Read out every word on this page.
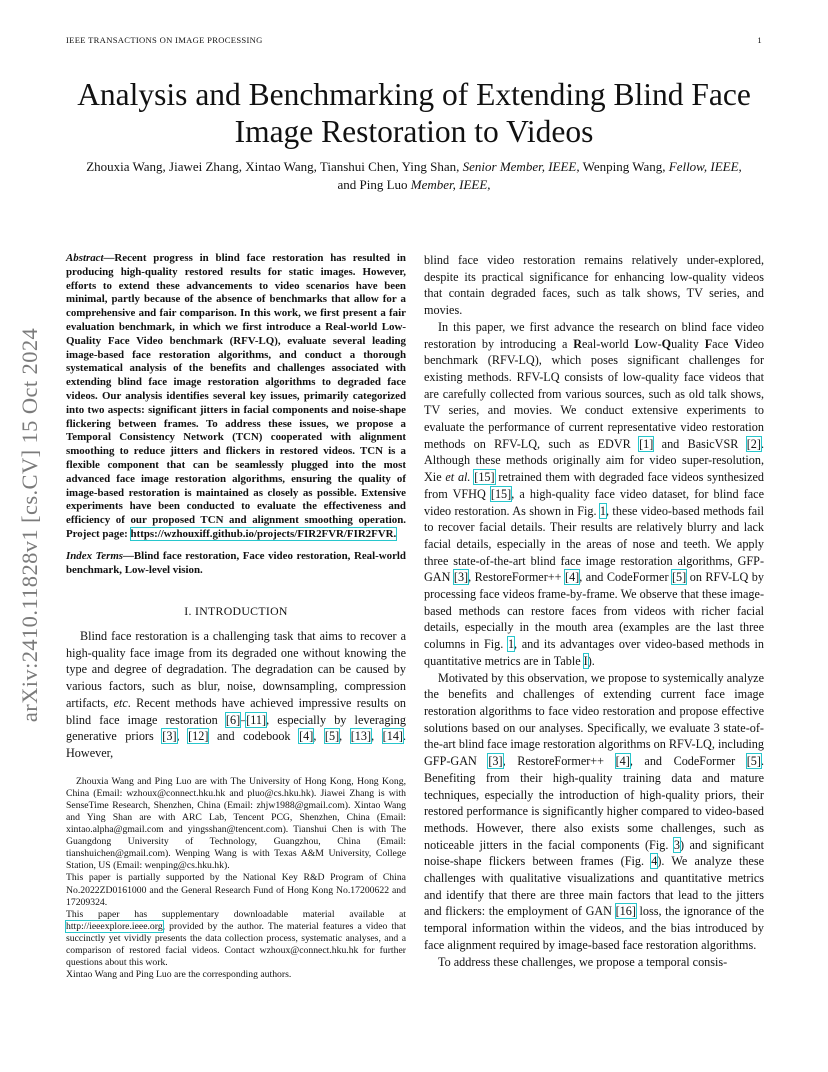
IEEE TRANSACTIONS ON IMAGE PROCESSING	1
arXiv:2410.11828v1 [cs.CV] 15 Oct 2024
Analysis and Benchmarking of Extending Blind Face Image Restoration to Videos
Zhouxia Wang, Jiawei Zhang, Xintao Wang, Tianshui Chen, Ying Shan, Senior Member, IEEE, Wenping Wang, Fellow, IEEE, and Ping Luo Member, IEEE,

Abstract—Recent progress in blind face restoration has resulted in producing high-quality restored results for static images. However, efforts to extend these advancements to video scenarios have been minimal, partly because of the absence of benchmarks that allow for a comprehensive and fair comparison. In this work, we first present a fair evaluation benchmark, in which we first introduce a Real-world Low-Quality Face Video benchmark (RFV-LQ), evaluate several leading image-based face restoration algorithms, and conduct a thorough systematical analysis of the benefits and challenges associated with extending blind face image restoration algorithms to degraded face videos. Our analysis identifies several key issues, primarily categorized into two aspects: significant jitters in facial components and noise-shape flickering between frames. To address these issues, we propose a Temporal Consistency Network (TCN) cooperated with alignment smoothing to reduce jitters and flickers in restored videos. TCN is a flexible component that can be seamlessly plugged into the most advanced face image restoration algorithms, ensuring the quality of image-based restoration is maintained as closely as possible. Extensive experiments have been conducted to evaluate the effectiveness and efficiency of our proposed TCN and alignment smoothing operation. Project page: https://wzhouxiff.github.io/projects/FIR2FVR/FIR2FVR.

Index Terms—Blind face restoration, Face video restoration, Real-world benchmark, Low-level vision.

I. INTRODUCTION

Blind face restoration is a challenging task that aims to recover a high-quality face image from its degraded one without knowing the type and degree of degradation. The degradation can be caused by various factors, such as blur, noise, downsampling, compression artifacts, etc. Recent methods have achieved impressive results on blind face image restoration [6]–[11], especially by leveraging generative priors [3], [12] and codebook [4], [5], [13], [14]. However,

Zhouxia Wang and Ping Luo are with The University of Hong Kong, Hong Kong, China (Email: wzhoux@connect.hku.hk and pluo@cs.hku.hk). Jiawei Zhang is with SenseTime Research, Shenzhen, China (Email: zhjw1988@gmail.com). Xintao Wang and Ying Shan are with ARC Lab, Tencent PCG, Shenzhen, China (Email: xintao.alpha@gmail.com and yingsshan@tencent.com). Tianshui Chen is with The Guangdong University of Technology, Guangzhou, China (Email: tianshuichen@gmail.com). Wenping Wang is with Texas A&M University, College Station, US (Email: wenping@cs.hku.hk).

This paper is partially supported by the National Key R&D Program of China No.2022ZD0161000 and the General Research Fund of Hong Kong No.17200622 and 17209324.

This paper has supplementary downloadable material available at http://ieeexplore.ieee.org, provided by the author. The material features a video that succinctly yet vividly presents the data collection process, systematic analyses, and a comparison of restored facial videos. Contact wzhoux@connect.hku.hk for further questions about this work.

Xintao Wang and Ping Luo are the corresponding authors.

blind face video restoration remains relatively under-explored, despite its practical significance for enhancing low-quality videos that contain degraded faces, such as talk shows, TV series, and movies.

In this paper, we first advance the research on blind face video restoration by introducing a Real-world Low-Quality Face Video benchmark (RFV-LQ), which poses significant challenges for existing methods. RFV-LQ consists of low-quality face videos that are carefully collected from various sources, such as old talk shows, TV series, and movies. We conduct extensive experiments to evaluate the performance of current representative video restoration methods on RFV-LQ, such as EDVR [1] and BasicVSR [2]. Although these methods originally aim for video super-resolution, Xie et al. [15] retrained them with degraded face videos synthesized from VFHQ [15], a high-quality face video dataset, for blind face video restoration. As shown in Fig. 1, these video-based methods fail to recover facial details. Their results are relatively blurry and lack facial details, especially in the areas of nose and teeth. We apply three state-of-the-art blind face image restoration algorithms, GFP-GAN [3], RestoreFormer++ [4], and CodeFormer [5] on RFV-LQ by processing face videos frame-by-frame. We observe that these image-based methods can restore faces from videos with richer facial details, especially in the mouth area (examples are the last three columns in Fig. 1, and its advantages over video-based methods in quantitative metrics are in Table I).

Motivated by this observation, we propose to systemically analyze the benefits and challenges of extending current face image restoration algorithms to face video restoration and propose effective solutions based on our analyses. Specifically, we evaluate 3 state-of-the-art blind face image restoration algorithms on RFV-LQ, including GFP-GAN [3], RestoreFormer++ [4], and CodeFormer [5]. Benefiting from their high-quality training data and mature techniques, especially the introduction of high-quality priors, their restored performance is significantly higher compared to video-based methods. However, there also exists some challenges, such as noticeable jitters in the facial components (Fig. 3) and significant noise-shape flickers between frames (Fig. 4). We analyze these challenges with qualitative visualizations and quantitative metrics and identify that there are three main factors that lead to the jitters and flickers: the employment of GAN [16] loss, the ignorance of the temporal information within the videos, and the bias introduced by face alignment required by image-based face restoration algorithms.

To address these challenges, we propose a temporal consis-
